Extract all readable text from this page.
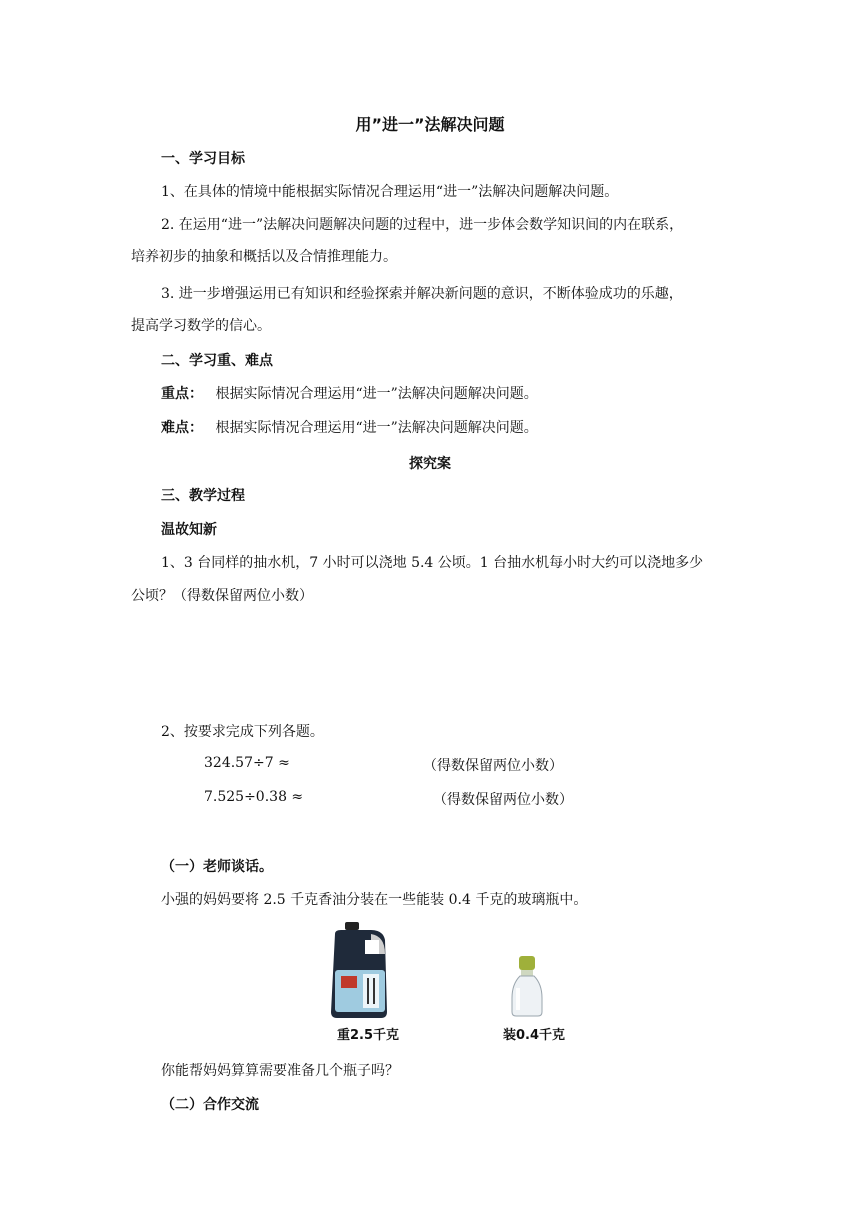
用”进一”法解决问题
一、学习目标
1、在具体的情境中能根据实际情况合理运用“进一”法解决问题解决问题。
2. 在运用“进一”法解决问题解决问题的过程中，进一步体会数学知识间的内在联系，
培养初步的抽象和概括以及合情推理能力。
3. 进一步增强运用已有知识和经验探索并解决新问题的意识，不断体验成功的乐趣，
提高学习数学的信心。
二、学习重、难点
重点： 根据实际情况合理运用“进一”法解决问题解决问题。
难点： 根据实际情况合理运用“进一”法解决问题解决问题。
探究案
三、教学过程
温故知新
1、3 台同样的抽水机，7 小时可以浇地 5.4 公顷。1 台抽水机每小时大约可以浇地多少
公顷？（得数保留两位小数）
2、按要求完成下列各题。
324.57÷7 ≈	（得数保留两位小数）
7.525÷0.38 ≈	（得数保留两位小数）
（一）老师谈话。
小强的妈妈要将 2.5 千克香油分装在一些能装 0.4 千克的玻璃瓶中。
重2.5千克	装0.4千克
你能帮妈妈算算需要准备几个瓶子吗？
（二）合作交流
